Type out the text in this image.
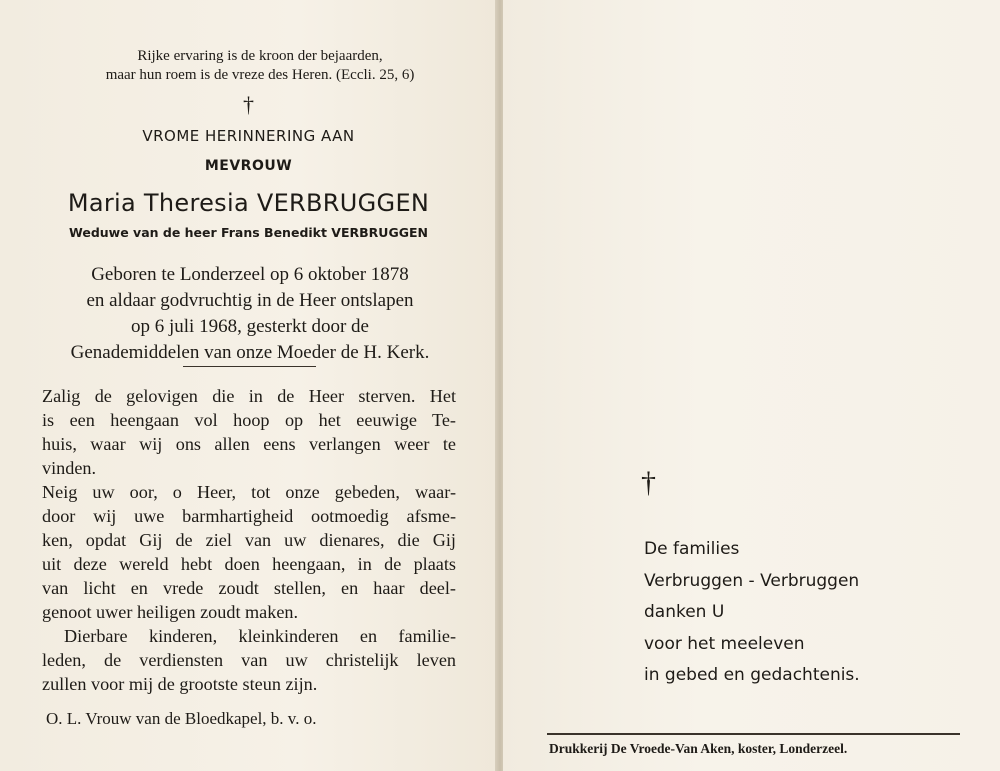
Rijke ervaring is de kroon der bejaarden,
maar hun roem is de vreze des Heren. (Eccli. 25, 6)
†
VROME HERINNERING AAN
MEVROUW
Maria Theresia VERBRUGGEN
Weduwe van de heer Frans Benedikt VERBRUGGEN
Geboren te Londerzeel op 6 oktober 1878
en aldaar godvruchtig in de Heer ontslapen
op 6 juli 1968, gesterkt door de
Genademiddelen van onze Moeder de H. Kerk.

Zalig de gelovigen die in de Heer sterven. Het

is een heengaan vol hoop op het eeuwige Te-

huis, waar wij ons allen eens verlangen weer te

vinden.

Neig uw oor, o Heer, tot onze gebeden, waar-

door wij uwe barmhartigheid ootmoedig afsme-

ken, opdat Gij de ziel van uw dienares, die Gij

uit deze wereld hebt doen heengaan, in de plaats

van licht en vrede zoudt stellen, en haar deel-

genoot uwer heiligen zoudt maken.

Dierbare kinderen, kleinkinderen en familie-

leden, de verdiensten van uw christelijk leven

zullen voor mij de grootste steun zijn.

O. L. Vrouw van de Bloedkapel, b. v. o.
†
De families
Verbruggen - Verbruggen
danken U
voor het meeleven
in gebed en gedachtenis.
Drukkerij De Vroede-Van Aken, koster, Londerzeel.
